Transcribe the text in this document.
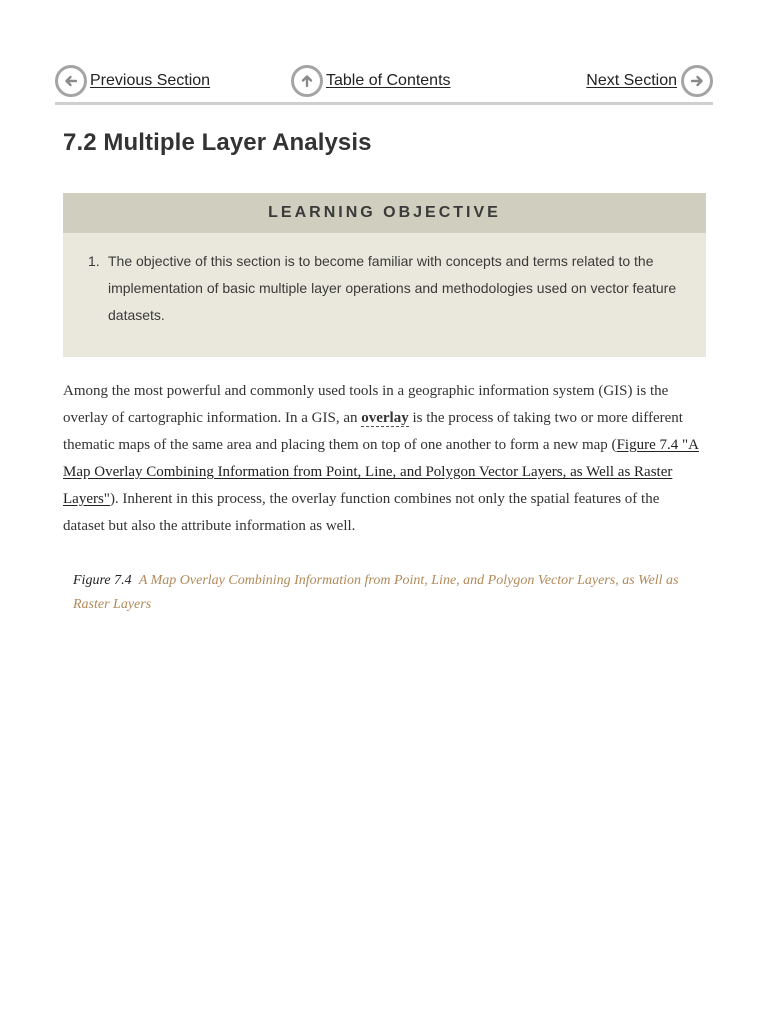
Previous Section	Table of Contents	Next Section
7.2 Multiple Layer Analysis
LEARNING OBJECTIVE
1. The objective of this section is to become familiar with concepts and terms related to the implementation of basic multiple layer operations and methodologies used on vector feature datasets.

Among the most powerful and commonly used tools in a geographic information system (GIS) is the overlay of cartographic information. In a GIS, an overlay is the process of taking two or more different thematic maps of the same area and placing them on top of one another to form a new map (Figure 7.4 "A Map Overlay Combining Information from Point, Line, and Polygon Vector Layers, as Well as Raster Layers"). Inherent in this process, the overlay function combines not only the spatial features of the dataset but also the attribute information as well.

Figure 7.4 A Map Overlay Combining Information from Point, Line, and Polygon Vector Layers, as Well as Raster Layers
